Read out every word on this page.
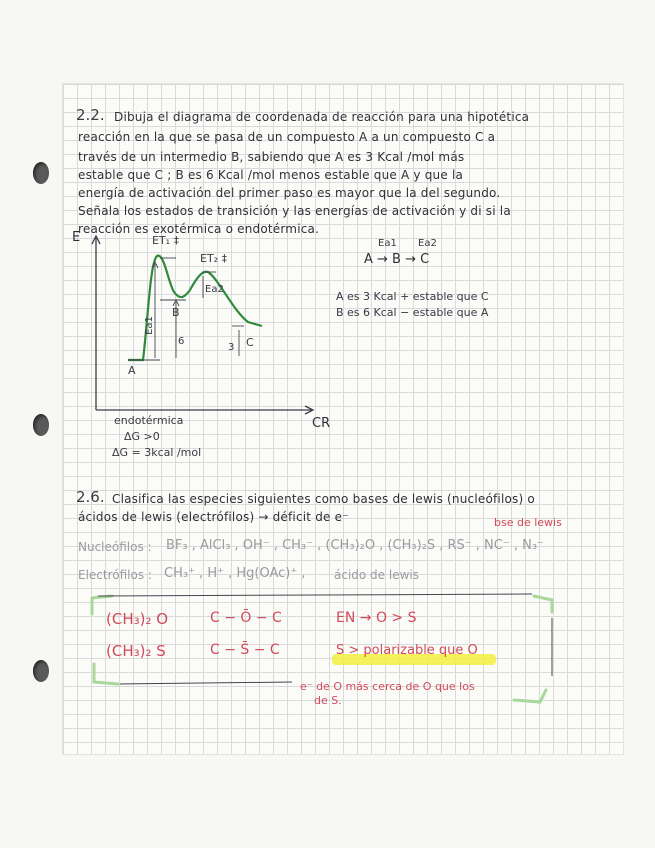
2.2. Dibuja el diagrama de coordenada de reacción para una hipotética
reacción en la que se pasa de un compuesto A a un compuesto C a
través de un intermedio B, sabiendo que A es 3 Kcal /mol más
estable que C ; B es 6 Kcal /mol menos estable que A y que la
energía de activación del primer paso es mayor que la del segundo.
Señala los estados de transición y las energías de activación y di si la
reacción es exotérmica o endotérmica.
E
CR
ET₁ ‡
ET₂ ‡
Ea1
Ea2
A
B
C
6
3
endotérmica
ΔG >0
ΔG = 3kcal /mol
Ea1 Ea2
A → B → C
A es 3 Kcal + estable que C
B es 6 Kcal − estable que A
2.6. Clasifica las especies siguientes como bases de lewis (nucleófilos) o
ácidos de lewis (electrófilos) → déficit de e⁻	bse de lewis
Nucleófilos : BF₃ , AlCl₃ , OH⁻ , CH₃⁻ , (CH₃)₂O , (CH₃)₂S , RS⁻ , NC⁻ , N₃⁻
Electrófilos : CH₃⁺ , H⁺ , Hg(OAc)⁺ , ácido de lewis
(CH₃)₂ O	C − Ō − C	EN → O > S
(CH₃)₂ S	C − S̄ − C	S > polarizable que O
e⁻ de O más cerca de O que los
de S.
